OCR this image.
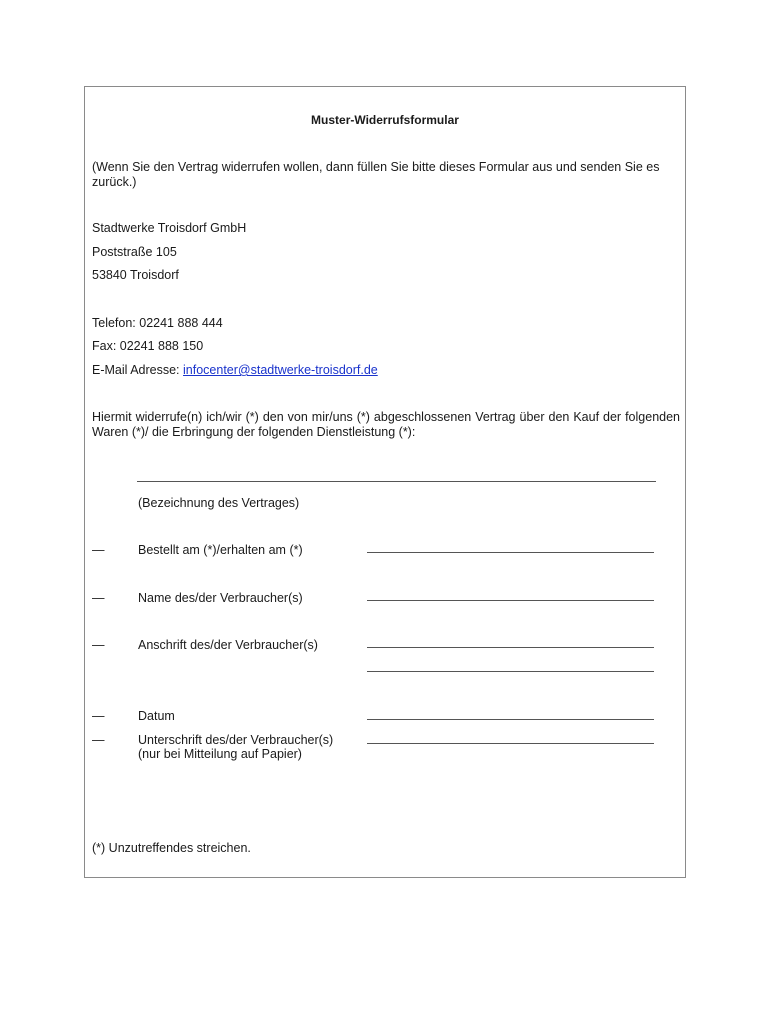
Muster-Widerrufsformular
(Wenn Sie den Vertrag widerrufen wollen, dann füllen Sie bitte dieses Formular aus und senden Sie es zurück.)
Stadtwerke Troisdorf GmbH
Poststraße 105
53840 Troisdorf
Telefon: 02241 888 444
Fax: 02241 888 150
E-Mail Adresse: infocenter@stadtwerke-troisdorf.de
Hiermit widerrufe(n) ich/wir (*) den von mir/uns (*) abgeschlossenen Vertrag über den Kauf der folgenden Waren (*)/ die Erbringung der folgenden Dienstleistung (*):
(Bezeichnung des Vertrages)
—	Bestellt am (*)/erhalten am (*)
—	Name des/der Verbraucher(s)
—	Anschrift des/der Verbraucher(s)
—	Datum
—	Unterschrift des/der Verbraucher(s)
(nur bei Mitteilung auf Papier)
(*) Unzutreffendes streichen.
